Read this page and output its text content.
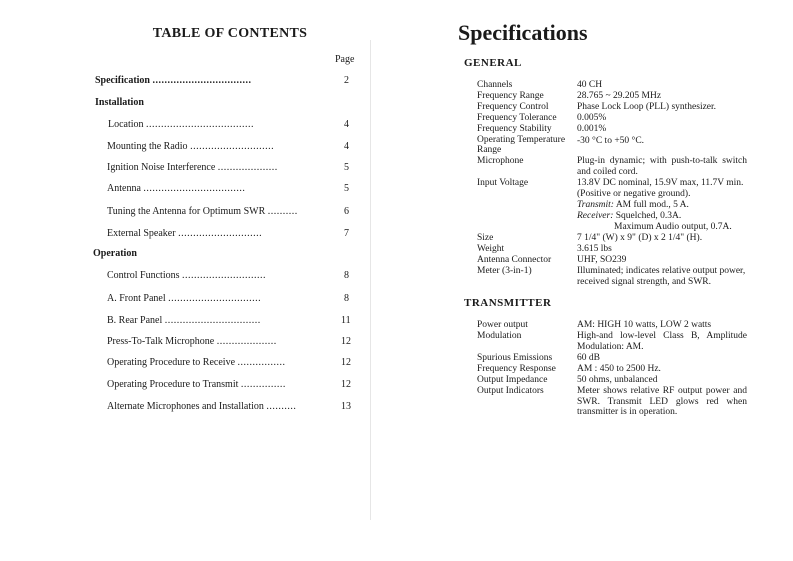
TABLE OF CONTENTS
Page
Specification .................................	2
Installation
Location ....................................	4
Mounting the Radio ............................	4
Ignition Noise Interference ....................	5
Antenna ..................................	5
Tuning the Antenna for Optimum SWR ..........	6
External Speaker ............................	7
Operation
Control Functions ............................	8
A. Front Panel ...............................	8
B. Rear Panel ................................	11
Press-To-Talk Microphone ....................	12
Operating Procedure to Receive ................	12
Operating Procedure to Transmit ...............	12
Alternate Microphones and Installation ..........	13
Specifications
GENERAL
Channels	40 CH
Frequency Range	28.765 ~ 29.205 MHz
Frequency Control	Phase Lock Loop (PLL) synthesizer.
Frequency Tolerance 0.005%
Frequency Stability	0.001%
Operating Temperature
Range
-30 °C to +50 °C.
Microphone	Plug-in dynamic; with push-to-talk switch and coiled cord.
Input Voltage	13.8V DC nominal, 15.9V max, 11.7V min. (Positive or negative ground).
Transmit: AM full mod., 5 A.
Receiver: Squelched, 0.3A.
Maximum Audio output, 0.7A.
Size	7 1/4" (W) x 9" (D) x 2 1/4" (H).
Weight	3.615 lbs
Antenna Connector	UHF, SO239
Meter (3-in-1)	Illuminated; indicates relative output power, received signal strength, and SWR.
TRANSMITTER
Power output	AM: HIGH 10 watts, LOW 2 watts
Modulation	High-and low-level Class B, Amplitude Modulation: AM.
Spurious Emissions	60 dB
Frequency Response AM : 450 to 2500 Hz.
Output Impedance	50 ohms, unbalanced
Output Indicators	Meter shows relative RF output power and SWR. Transmit LED glows red when transmitter is in operation.
